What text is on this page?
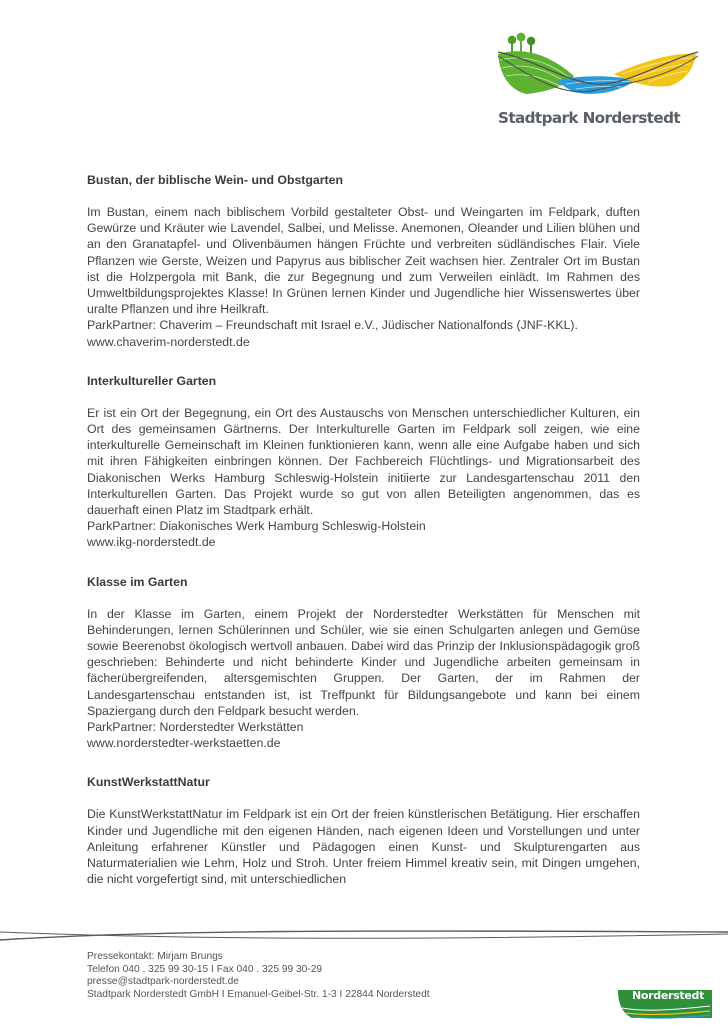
Stadtpark Norderstedt

Bustan, der biblische Wein- und Obstgarten

Im Bustan, einem nach biblischem Vorbild gestalteter Obst- und Weingarten im Feldpark, duften Gewürze und Kräuter wie Lavendel, Salbei, und Melisse. Anemonen, Oleander und Lilien blühen und an den Granatapfel- und Olivenbäumen hängen Früchte und verbreiten südländisches Flair. Viele Pflanzen wie Gerste, Weizen und Papyrus aus biblischer Zeit wachsen hier. Zentraler Ort im Bustan ist die Holzpergola mit Bank, die zur Begegnung und zum Verweilen einlädt. Im Rahmen des Umweltbildungsprojektes Klasse! In Grünen lernen Kinder und Jugendliche hier Wissenswertes über uralte Pflanzen und ihre Heilkraft.

ParkPartner: Chaverim – Freundschaft mit Israel e.V., Jüdischer Nationalfonds (JNF-KKL).

www.chaverim-norderstedt.de

Interkultureller Garten

Er ist ein Ort der Begegnung, ein Ort des Austauschs von Menschen unterschiedlicher Kulturen, ein Ort des gemeinsamen Gärtnerns. Der Interkulturelle Garten im Feldpark soll zeigen, wie eine interkulturelle Gemeinschaft im Kleinen funktionieren kann, wenn alle eine Aufgabe haben und sich mit ihren Fähigkeiten einbringen können. Der Fachbereich Flüchtlings- und Migrationsarbeit des Diakonischen Werks Hamburg Schleswig-Holstein initiierte zur Landesgartenschau 2011 den Interkulturellen Garten. Das Projekt wurde so gut von allen Beteiligten angenommen, das es dauerhaft einen Platz im Stadtpark erhält.

ParkPartner: Diakonisches Werk Hamburg Schleswig-Holstein

www.ikg-norderstedt.de

Klasse im Garten

In der Klasse im Garten, einem Projekt der Norderstedter Werkstätten für Menschen mit Behinderungen, lernen Schülerinnen und Schüler, wie sie einen Schulgarten anlegen und Gemüse sowie Beerenobst ökologisch wertvoll anbauen. Dabei wird das Prinzip der Inklusionspädagogik groß geschrieben: Behinderte und nicht behinderte Kinder und Jugendliche arbeiten gemeinsam in fächerübergreifenden, altersgemischten Gruppen. Der Garten, der im Rahmen der Landesgartenschau entstanden ist, ist Treffpunkt für Bildungsangebote und kann bei einem Spaziergang durch den Feldpark besucht werden.

ParkPartner: Norderstedter Werkstätten

www.norderstedter-werkstaetten.de

KunstWerkstattNatur

Die KunstWerkstattNatur im Feldpark ist ein Ort der freien künstlerischen Betätigung. Hier erschaffen Kinder und Jugendliche mit den eigenen Händen, nach eigenen Ideen und Vorstellungen und unter Anleitung erfahrener Künstler und Pädagogen einen Kunst- und Skulpturengarten aus Naturmaterialien wie Lehm, Holz und Stroh. Unter freiem Himmel kreativ sein, mit Dingen umgehen, die nicht vorgefertigt sind, mit unterschiedlichen

Pressekontakt: Mirjam Brungs
Telefon 040 . 325 99 30-15 I Fax 040 . 325 99 30-29
presse@stadtpark-norderstedt.de
Stadtpark Norderstedt GmbH I Emanuel-Geibel-Str. 1-3 I 22844 Norderstedt	Norderstedt
